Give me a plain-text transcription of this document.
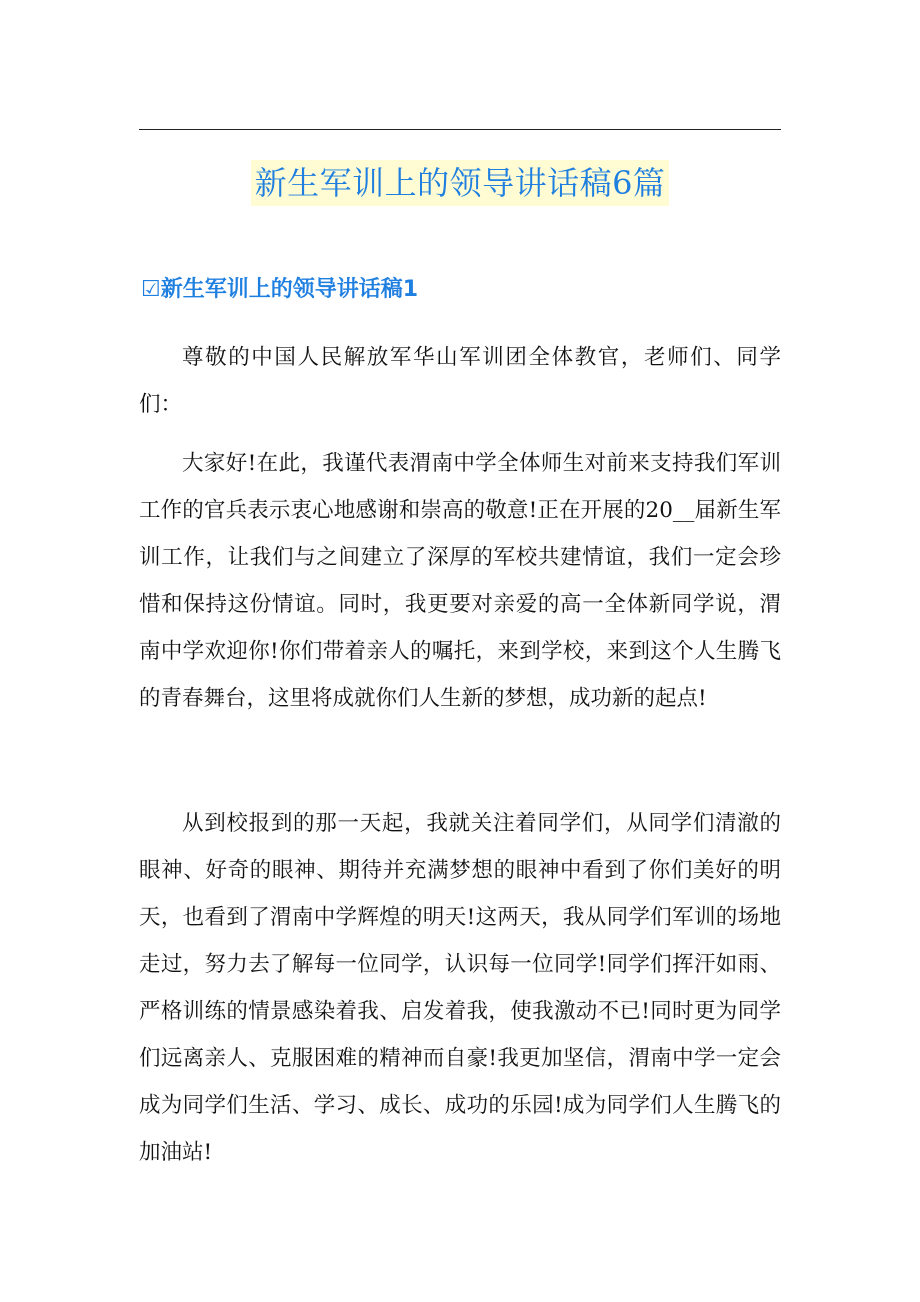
新生军训上的领导讲话稿6篇
☑新生军训上的领导讲话稿1

尊敬的中国人民解放军华山军训团全体教官，老师们、同学们：

大家好!在此，我谨代表渭南中学全体师生对前来支持我们军训工作的官兵表示衷心地感谢和崇高的敬意!正在开展的20__届新生军训工作，让我们与之间建立了深厚的军校共建情谊，我们一定会珍惜和保持这份情谊。同时，我更要对亲爱的高一全体新同学说，渭南中学欢迎你!你们带着亲人的嘱托，来到学校，来到这个人生腾飞的青春舞台，这里将成就你们人生新的梦想，成功新的起点!

从到校报到的那一天起，我就关注着同学们，从同学们清澈的眼神、好奇的眼神、期待并充满梦想的眼神中看到了你们美好的明天，也看到了渭南中学辉煌的明天!这两天，我从同学们军训的场地走过，努力去了解每一位同学，认识每一位同学!同学们挥汗如雨、严格训练的情景感染着我、启发着我，使我激动不已!同时更为同学们远离亲人、克服困难的精神而自豪!我更加坚信，渭南中学一定会成为同学们生活、学习、成长、成功的乐园!成为同学们人生腾飞的加油站!
